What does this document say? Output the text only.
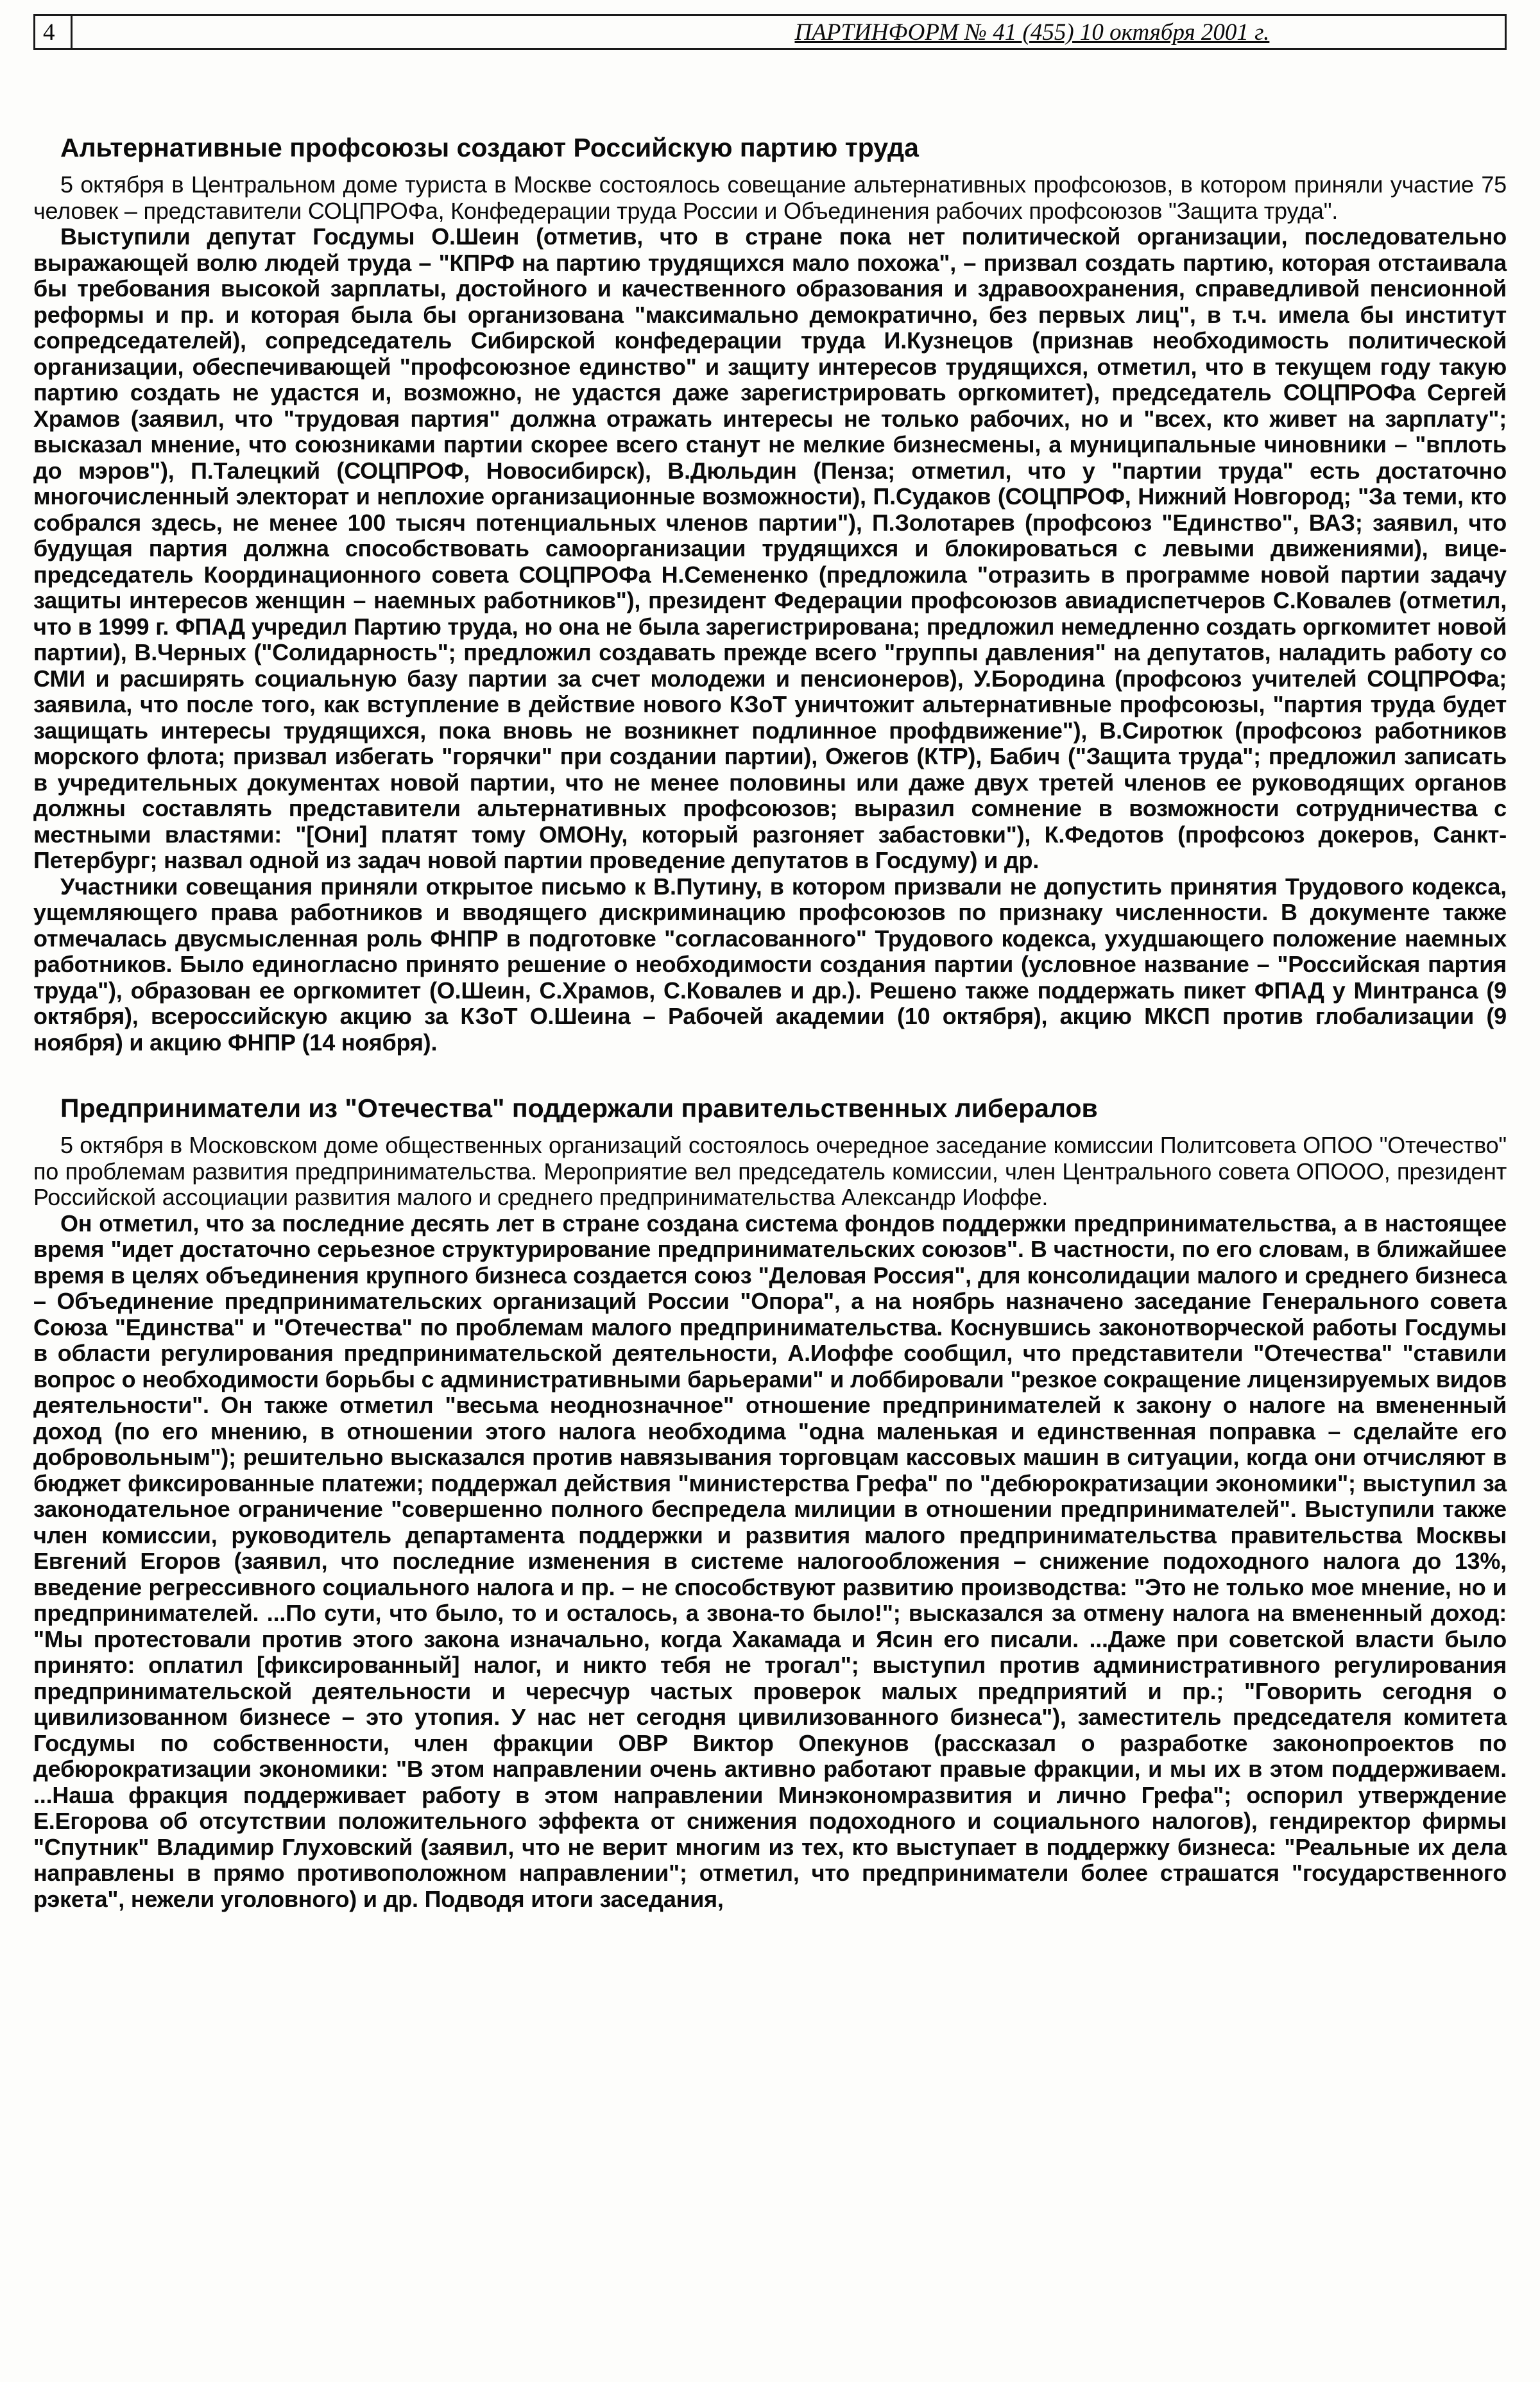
4	ПАРТИНФОРМ № 41 (455) 10 октября 2001 г.
Альтернативные профсоюзы создают Российскую партию труда

5 октября в Центральном доме туриста в Москве состоялось совещание альтернативных профсоюзов, в котором приняли участие 75 человек – представители СОЦПРОФа, Конфедерации труда России и Объединения рабочих профсоюзов "Защита труда".

Выступили депутат Госдумы О.Шеин (отметив, что в стране пока нет политической организации, последовательно выражающей волю людей труда – "КПРФ на партию трудящихся мало похожа", – призвал создать партию, которая отстаивала бы требования высокой зарплаты, достойного и качественного образования и здравоохранения, справедливой пенсионной реформы и пр. и которая была бы организована "максимально демократично, без первых лиц", в т.ч. имела бы институт сопредседателей), сопредседатель Сибирской конфедерации труда И.Кузнецов (признав необходимость политической организации, обеспечивающей "профсоюзное единство" и защиту интересов трудящихся, отметил, что в текущем году такую партию создать не удастся и, возможно, не удастся даже зарегистрировать оргкомитет), председатель СОЦПРОФа Сергей Храмов (заявил, что "трудовая партия" должна отражать интересы не только рабочих, но и "всех, кто живет на зарплату"; высказал мнение, что союзниками партии скорее всего станут не мелкие бизнесмены, а муниципальные чиновники – "вплоть до мэров"), П.Талецкий (СОЦПРОФ, Новосибирск), В.Дюльдин (Пенза; отметил, что у "партии труда" есть достаточно многочисленный электорат и неплохие организационные возможности), П.Судаков (СОЦПРОФ, Нижний Новгород; "За теми, кто собрался здесь, не менее 100 тысяч потенциальных членов партии"), П.Золотарев (профсоюз "Единство", ВАЗ; заявил, что будущая партия должна способствовать самоорганизации трудящихся и блокироваться с левыми движениями), вице-председатель Координационного совета СОЦПРОФа Н.Семененко (предложила "отразить в программе новой партии задачу защиты интересов женщин – наемных работников"), президент Федерации профсоюзов авиадиспетчеров С.Ковалев (отметил, что в 1999 г. ФПАД учредил Партию труда, но она не была зарегистрирована; предложил немедленно создать оргкомитет новой партии), В.Черных ("Солидарность"; предложил создавать прежде всего "группы давления" на депутатов, наладить работу со СМИ и расширять социальную базу партии за счет молодежи и пенсионеров), У.Бородина (профсоюз учителей СОЦПРОФа; заявила, что после того, как вступление в действие нового КЗоТ уничтожит альтернативные профсоюзы, "партия труда будет защищать интересы трудящихся, пока вновь не возникнет подлинное профдвижение"), В.Сиротюк (профсоюз работников морского флота; призвал избегать "горячки" при создании партии), Ожегов (КТР), Бабич ("Защита труда"; предложил записать в учредительных документах новой партии, что не менее половины или даже двух третей членов ее руководящих органов должны составлять представители альтернативных профсоюзов; выразил сомнение в возможности сотрудничества с местными властями: "[Они] платят тому ОМОНу, который разгоняет забастовки"), К.Федотов (профсоюз докеров, Санкт-Петербург; назвал одной из задач новой партии проведение депутатов в Госдуму) и др.

Участники совещания приняли открытое письмо к В.Путину, в котором призвали не допустить принятия Трудового кодекса, ущемляющего права работников и вводящего дискриминацию профсоюзов по признаку численности. В документе также отмечалась двусмысленная роль ФНПР в подготовке "согласованного" Трудового кодекса, ухудшающего положение наемных работников. Было единогласно принято решение о необходимости создания партии (условное название – "Российская партия труда"), образован ее оргкомитет (О.Шеин, С.Храмов, С.Ковалев и др.). Решено также поддержать пикет ФПАД у Минтранса (9 октября), всероссийскую акцию за КЗоТ О.Шеина – Рабочей академии (10 октября), акцию МКСП против глобализации (9 ноября) и акцию ФНПР (14 ноября).

Предприниматели из "Отечества" поддержали правительственных либералов

5 октября в Московском доме общественных организаций состоялось очередное заседание комиссии Политсовета ОПОО "Отечество" по проблемам развития предпринимательства. Мероприятие вел председатель комиссии, член Центрального совета ОПООО, президент Российской ассоциации развития малого и среднего предпринимательства Александр Иоффе.

Он отметил, что за последние десять лет в стране создана система фондов поддержки предпринимательства, а в настоящее время "идет достаточно серьезное структурирование предпринимательских союзов". В частности, по его словам, в ближайшее время в целях объединения крупного бизнеса создается союз "Деловая Россия", для консолидации малого и среднего бизнеса – Объединение предпринимательских организаций России "Опора", а на ноябрь назначено заседание Генерального совета Союза "Единства" и "Отечества" по проблемам малого предпринимательства. Коснувшись законотворческой работы Госдумы в области регулирования предпринимательской деятельности, А.Иоффе сообщил, что представители "Отечества" "ставили вопрос о необходимости борьбы с административными барьерами" и лоббировали "резкое сокращение лицензируемых видов деятельности". Он также отметил "весьма неоднозначное" отношение предпринимателей к закону о налоге на вмененный доход (по его мнению, в отношении этого налога необходима "одна маленькая и единственная поправка – сделайте его добровольным"); решительно высказался против навязывания торговцам кассовых машин в ситуации, когда они отчисляют в бюджет фиксированные платежи; поддержал действия "министерства Грефа" по "дебюрократизации экономики"; выступил за законодательное ограничение "совершенно полного беспредела милиции в отношении предпринимателей". Выступили также член комиссии, руководитель департамента поддержки и развития малого предпринимательства правительства Москвы Евгений Егоров (заявил, что последние изменения в системе налогообложения – снижение подоходного налога до 13%, введение регрессивного социального налога и пр. – не способствуют развитию производства: "Это не только мое мнение, но и предпринимателей. ...По сути, что было, то и осталось, а звона-то было!"; высказался за отмену налога на вмененный доход: "Мы протестовали против этого закона изначально, когда Хакамада и Ясин его писали. ...Даже при советской власти было принято: оплатил [фиксированный] налог, и никто тебя не трогал"; выступил против административного регулирования предпринимательской деятельности и чересчур частых проверок малых предприятий и пр.; "Говорить сегодня о цивилизованном бизнесе – это утопия. У нас нет сегодня цивилизованного бизнеса"), заместитель председателя комитета Госдумы по собственности, член фракции ОВР Виктор Опекунов (рассказал о разработке законопроектов по дебюрократизации экономики: "В этом направлении очень активно работают правые фракции, и мы их в этом поддерживаем. ...Наша фракция поддерживает работу в этом направлении Минэкономразвития и лично Грефа"; оспорил утверждение Е.Егорова об отсутствии положительного эффекта от снижения подоходного и социального налогов), гендиректор фирмы "Спутник" Владимир Глуховский (заявил, что не верит многим из тех, кто выступает в поддержку бизнеса: "Реальные их дела направлены в прямо противоположном направлении"; отметил, что предприниматели более страшатся "государственного рэкета", нежели уголовного) и др. Подводя итоги заседания,
